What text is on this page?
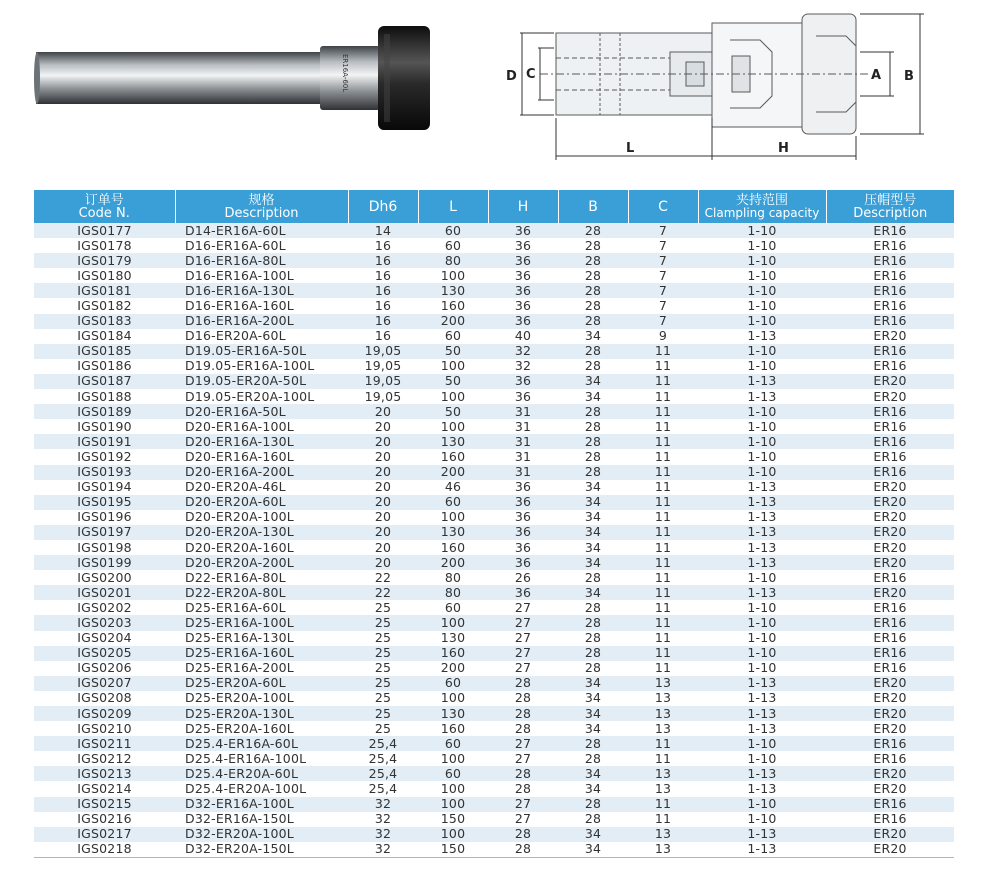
ER16A-60L	D C	A B
L	H
订单号
Code N.	规格
Description	Dh6	L	H	B	C	夹持范围
Clampling capacity	压帽型号
Description

IGS0177	D14-ER16A-60L	14	60	36	28	7	1-10	ER16
IGS0178	D16-ER16A-60L	16	60	36	28	7	1-10	ER16
IGS0179	D16-ER16A-80L	16	80	36	28	7	1-10	ER16
IGS0180	D16-ER16A-100L	16	100	36	28	7	1-10	ER16
IGS0181	D16-ER16A-130L	16	130	36	28	7	1-10	ER16
IGS0182	D16-ER16A-160L	16	160	36	28	7	1-10	ER16
IGS0183	D16-ER16A-200L	16	200	36	28	7	1-10	ER16
IGS0184	D16-ER20A-60L	16	60	40	34	9	1-13	ER20
IGS0185	D19.05-ER16A-50L	19,05	50	32	28	11	1-10	ER16
IGS0186	D19.05-ER16A-100L	19,05	100	32	28	11	1-10	ER16
IGS0187	D19.05-ER20A-50L	19,05	50	36	34	11	1-13	ER20
IGS0188	D19.05-ER20A-100L	19,05	100	36	34	11	1-13	ER20
IGS0189	D20-ER16A-50L	20	50	31	28	11	1-10	ER16
IGS0190	D20-ER16A-100L	20	100	31	28	11	1-10	ER16
IGS0191	D20-ER16A-130L	20	130	31	28	11	1-10	ER16
IGS0192	D20-ER16A-160L	20	160	31	28	11	1-10	ER16
IGS0193	D20-ER16A-200L	20	200	31	28	11	1-10	ER16
IGS0194	D20-ER20A-46L	20	46	36	34	11	1-13	ER20
IGS0195	D20-ER20A-60L	20	60	36	34	11	1-13	ER20
IGS0196	D20-ER20A-100L	20	100	36	34	11	1-13	ER20
IGS0197	D20-ER20A-130L	20	130	36	34	11	1-13	ER20
IGS0198	D20-ER20A-160L	20	160	36	34	11	1-13	ER20
IGS0199	D20-ER20A-200L	20	200	36	34	11	1-13	ER20
IGS0200	D22-ER16A-80L	22	80	26	28	11	1-10	ER16
IGS0201	D22-ER20A-80L	22	80	36	34	11	1-13	ER20
IGS0202	D25-ER16A-60L	25	60	27	28	11	1-10	ER16
IGS0203	D25-ER16A-100L	25	100	27	28	11	1-10	ER16
IGS0204	D25-ER16A-130L	25	130	27	28	11	1-10	ER16
IGS0205	D25-ER16A-160L	25	160	27	28	11	1-10	ER16
IGS0206	D25-ER16A-200L	25	200	27	28	11	1-10	ER16
IGS0207	D25-ER20A-60L	25	60	28	34	13	1-13	ER20
IGS0208	D25-ER20A-100L	25	100	28	34	13	1-13	ER20
IGS0209	D25-ER20A-130L	25	130	28	34	13	1-13	ER20
IGS0210	D25-ER20A-160L	25	160	28	34	13	1-13	ER20
IGS0211	D25.4-ER16A-60L	25,4	60	27	28	11	1-10	ER16
IGS0212	D25.4-ER16A-100L	25,4	100	27	28	11	1-10	ER16
IGS0213	D25.4-ER20A-60L	25,4	60	28	34	13	1-13	ER20
IGS0214	D25.4-ER20A-100L	25,4	100	28	34	13	1-13	ER20
IGS0215	D32-ER16A-100L	32	100	27	28	11	1-10	ER16
IGS0216	D32-ER16A-150L	32	150	27	28	11	1-10	ER16
IGS0217	D32-ER20A-100L	32	100	28	34	13	1-13	ER20
IGS0218	D32-ER20A-150L	32	150	28	34	13	1-13	ER20
